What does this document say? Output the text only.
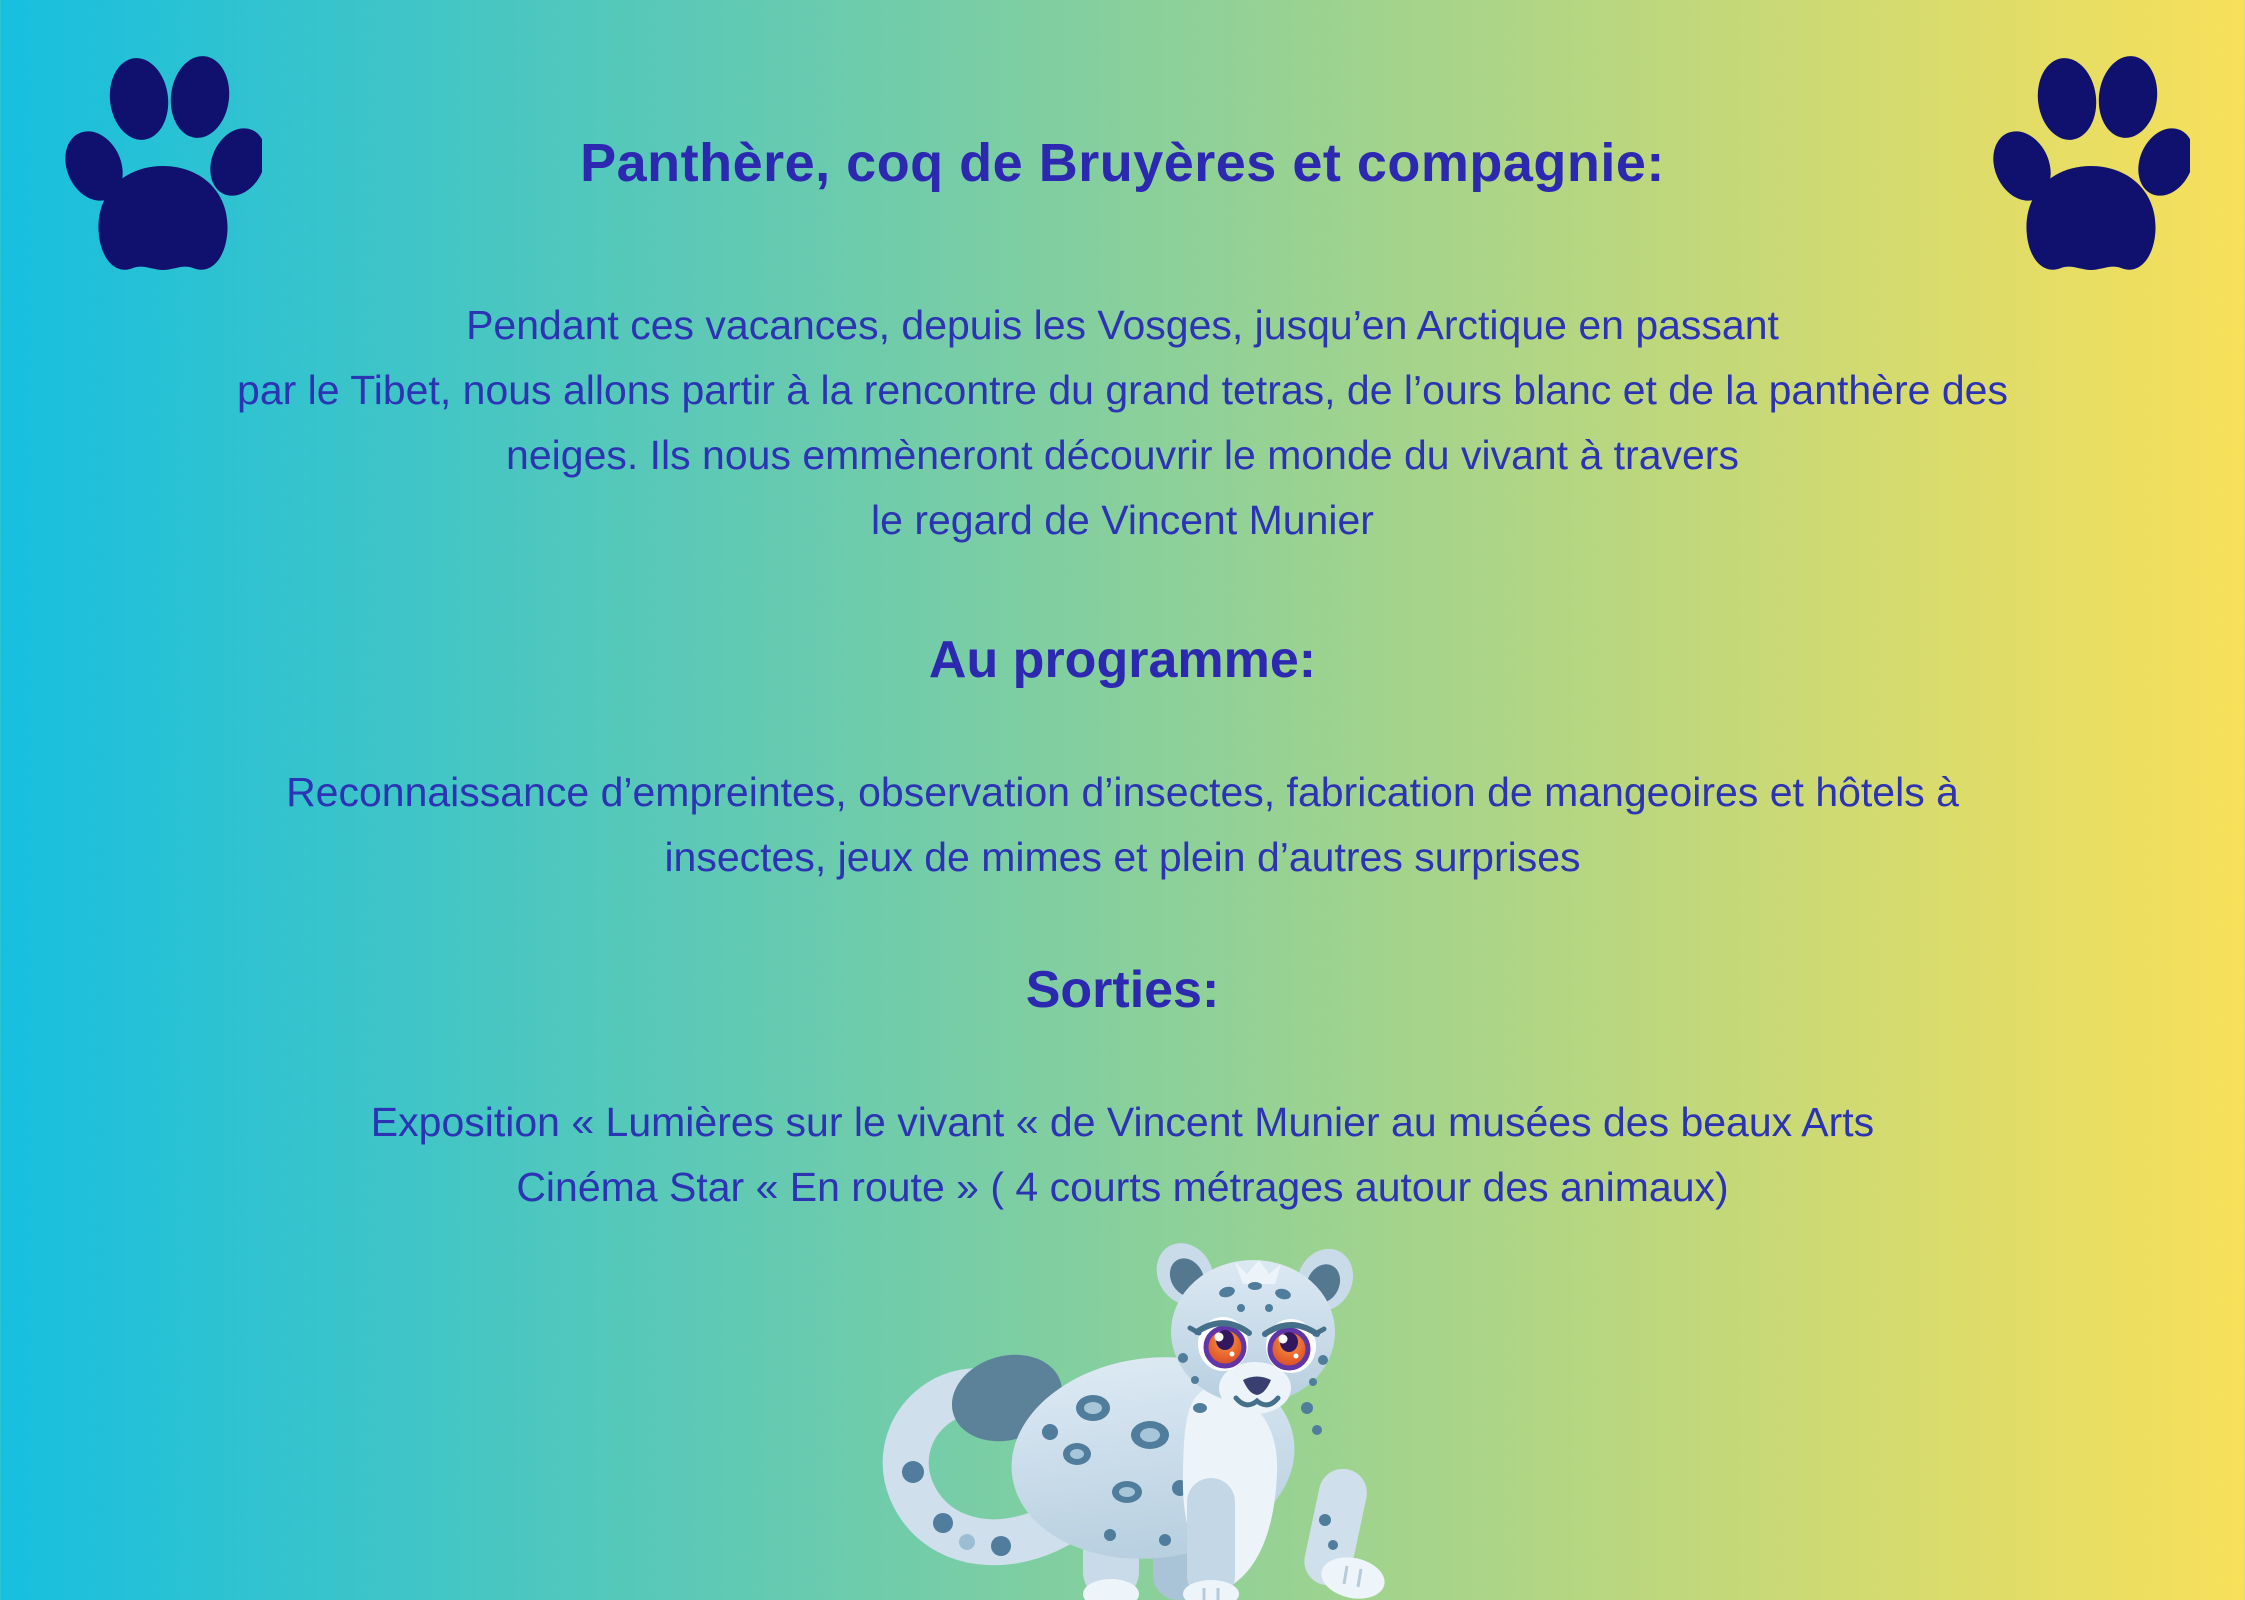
Panthère, coq de Bruyères et compagnie:
Pendant ces vacances, depuis les Vosges, jusqu’en Arctique en passant
par le Tibet, nous allons partir à la rencontre du grand tetras, de l’ours blanc et de la panthère des
neiges. Ils nous emmèneront découvrir le monde du vivant à travers
le regard de Vincent Munier
Au programme:
Reconnaissance d’empreintes, observation d’insectes, fabrication de mangeoires et hôtels à
insectes, jeux de mimes et plein d’autres surprises
Sorties:
Exposition « Lumières sur le vivant « de Vincent Munier au musées des beaux Arts
Cinéma Star « En route » ( 4 courts métrages autour des animaux)
